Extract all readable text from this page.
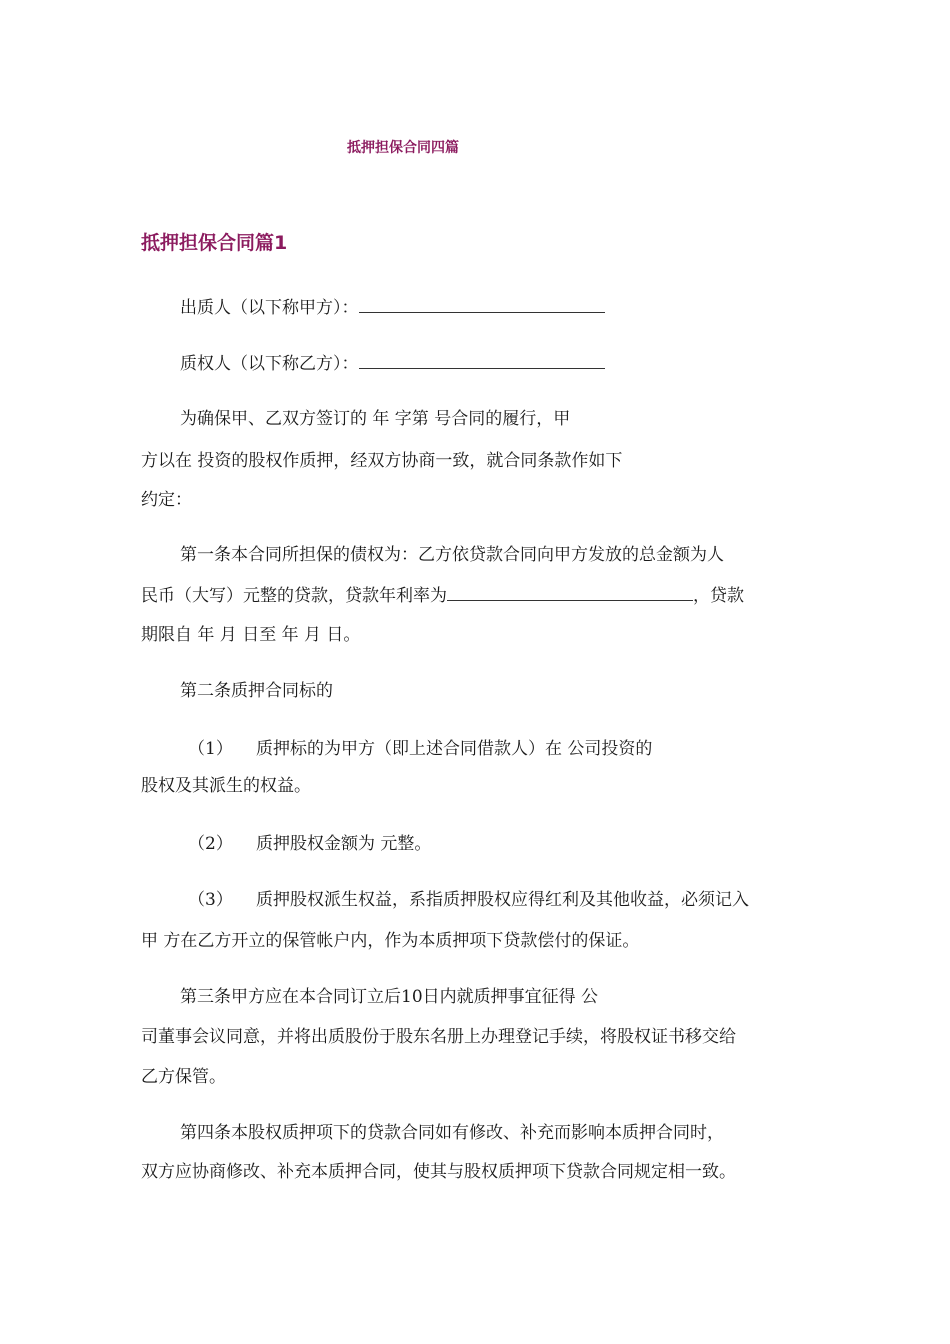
抵押担保合同四篇
抵押担保合同篇1
出质人（以下称甲方）：
质权人（以下称乙方）：
为确保甲、乙双方签订的 年 字第 号合同的履行，甲
方以在 投资的股权作质押，经双方协商一致，就合同条款作如下
约定：
第一条本合同所担保的债权为：乙方依贷款合同向甲方发放的总金额为人
民币（大写）元整的贷款，贷款年利率为	，贷款
期限自 年 月 日至 年 月 日。
第二条质押合同标的
（1） 质押标的为甲方（即上述合同借款人）在 公司投资的
股权及其派生的权益。
（2） 质押股权金额为 元整。
（3） 质押股权派生权益，系指质押股权应得红利及其他收益，必须记入
甲 方在乙方开立的保管帐户内，作为本质押项下贷款偿付的保证。
第三条甲方应在本合同订立后10日内就质押事宜征得 公
司董事会议同意，并将出质股份于股东名册上办理登记手续，将股权证书移交给
乙方保管。
第四条本股权质押项下的贷款合同如有修改、补充而影响本质押合同时，
双方应协商修改、补充本质押合同，使其与股权质押项下贷款合同规定相一致。
